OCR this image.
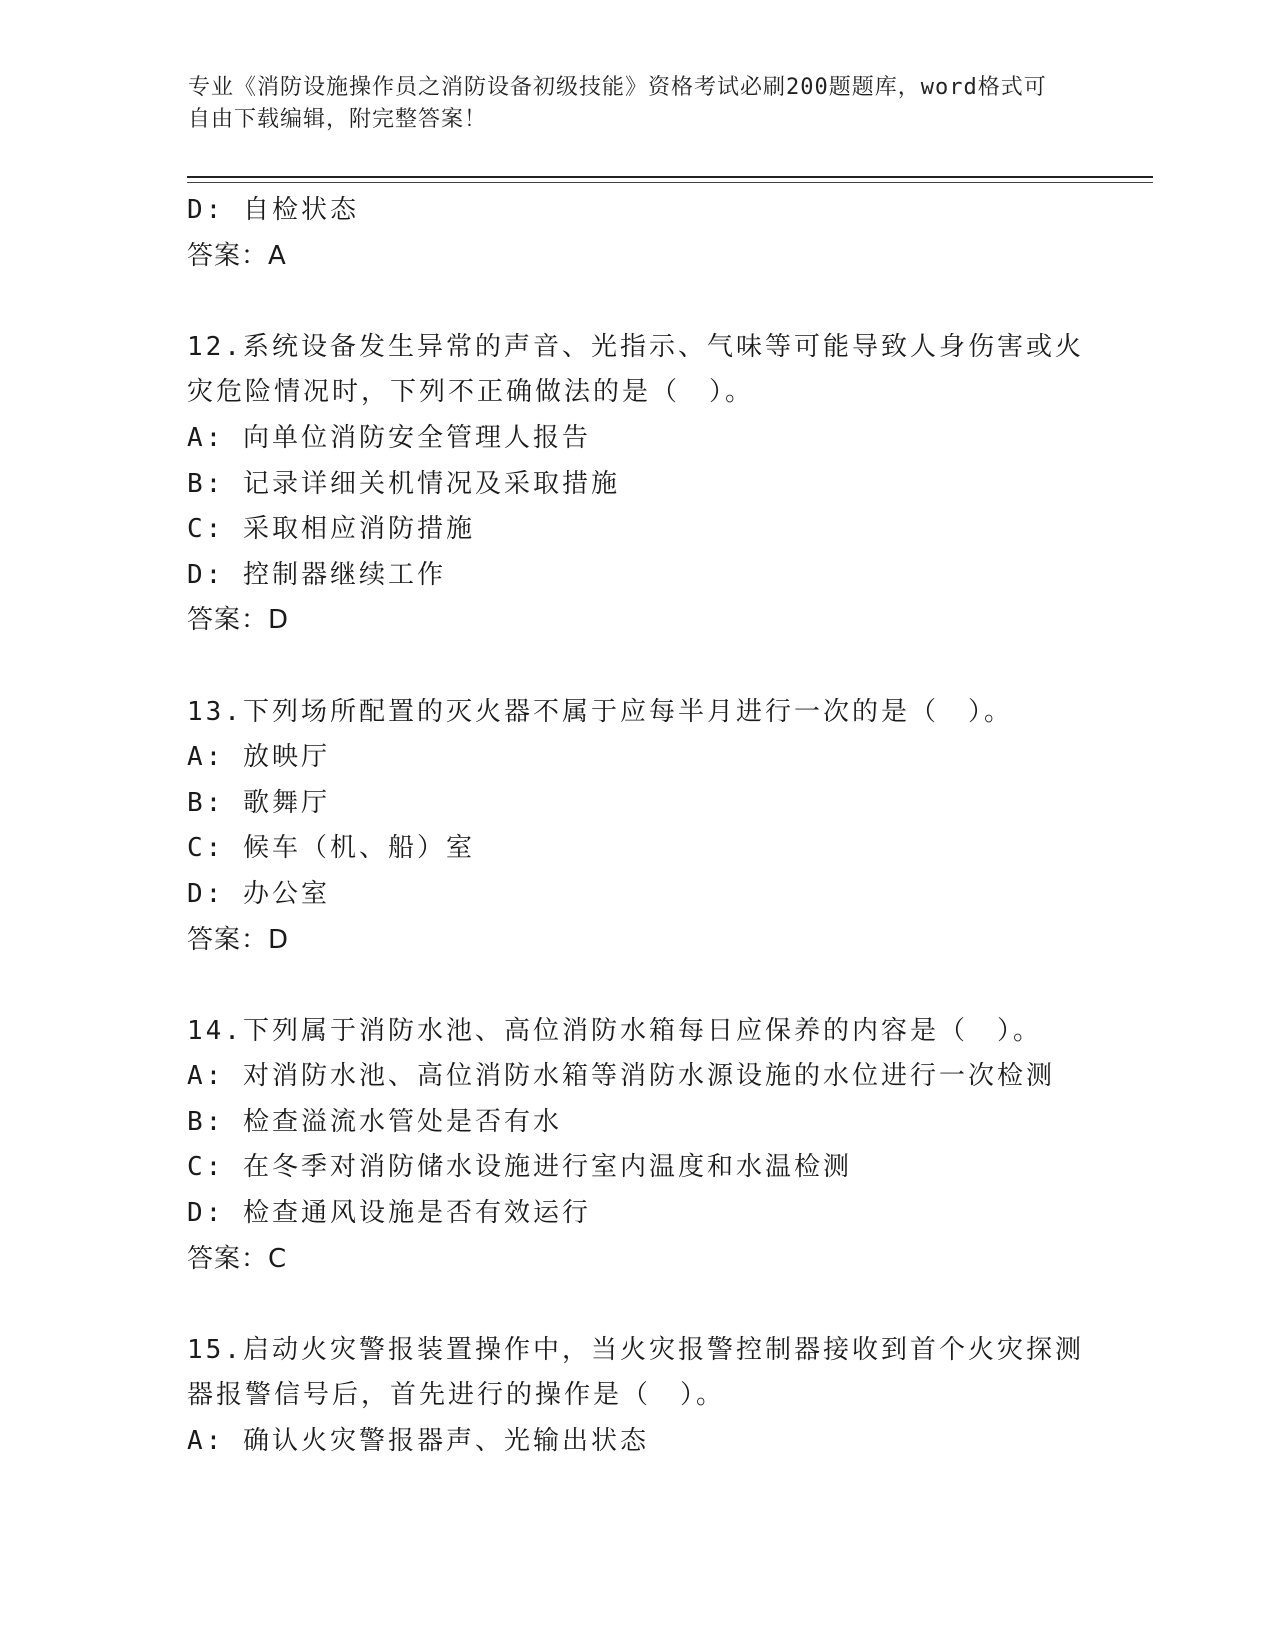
专业《消防设施操作员之消防设备初级技能》资格考试必刷200题题库，word格式可自由下载编辑，附完整答案！
D: 自检状态
答案：A
12.系统设备发生异常的声音、光指示、气味等可能导致人身伤害或火灾危险情况时，下列不正确做法的是（　）。
A: 向单位消防安全管理人报告
B: 记录详细关机情况及采取措施
C: 采取相应消防措施
D: 控制器继续工作
答案：D
13.下列场所配置的灭火器不属于应每半月进行一次的是（　）。
A: 放映厅
B: 歌舞厅
C: 候车（机、船）室
D: 办公室
答案：D
14.下列属于消防水池、高位消防水箱每日应保养的内容是（　）。
A: 对消防水池、高位消防水箱等消防水源设施的水位进行一次检测
B: 检查溢流水管处是否有水
C: 在冬季对消防储水设施进行室内温度和水温检测
D: 检查通风设施是否有效运行
答案：C
15.启动火灾警报装置操作中，当火灾报警控制器接收到首个火灾探测器报警信号后，首先进行的操作是（　）。
A: 确认火灾警报器声、光输出状态
